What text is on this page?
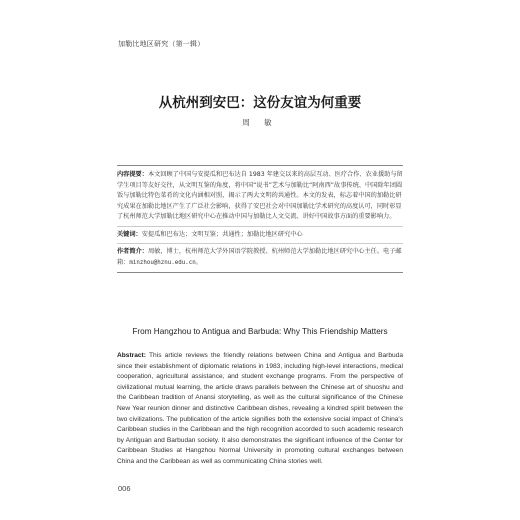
加勒比地区研究（第一辑）
从杭州到安巴：这份友谊为何重要
周 敏

内容提要：本文回顾了中国与安提瓜和巴布达自 1983 年建交以来的高层互动、医疗合作、农业援助与留学生项目等友好交往，从文明互鉴的角度，将中国“说书”艺术与加勒比“阿南西”故事传统、中国除年团圆饭与加勒比特色菜肴的文化内涵相对照，揭示了两大文明的共通性。本文的发表，标志着中国的加勒比研究成果在加勒比地区产生了广泛社会影响，获得了安巴社会对中国加勒比学术研究的高度认可，同时彰显了杭州师范大学加勒比地区研究中心在推动中国与加勒比人文交流、讲好中国故事方面的重要影响力。

关键词：安提瓜和巴布达；文明互鉴；共通性；加勒比地区研究中心

作者简介：周敏，博士，杭州师范大学外国语学院教授、杭州师范大学加勒比地区研究中心主任。电子邮箱：minzhou@hznu.edu.cn。

From Hangzhou to Antigua and Barbuda: Why This Friendship Matters

Abstract: This article reviews the friendly relations between China and Antigua and Barbuda since their establishment of diplomatic relations in 1983, including high-level interactions, medical cooperation, agricultural assistance, and student exchange programs. From the perspective of civilizational mutual learning, the article draws parallels between the Chinese art of shuoshu and the Caribbean tradition of Anansi storytelling, as well as the cultural significance of the Chinese New Year reunion dinner and distinctive Caribbean dishes, revealing a kindred spirit between the two civilizations. The publication of the article signifies both the extensive social impact of China's Caribbean studies in the Caribbean and the high recognition accorded to such academic research by Antiguan and Barbudan society. It also demonstrates the significant influence of the Center for Caribbean Studies at Hangzhou Normal University in promoting cultural exchanges between China and the Caribbean as well as communicating China stories well.

006
